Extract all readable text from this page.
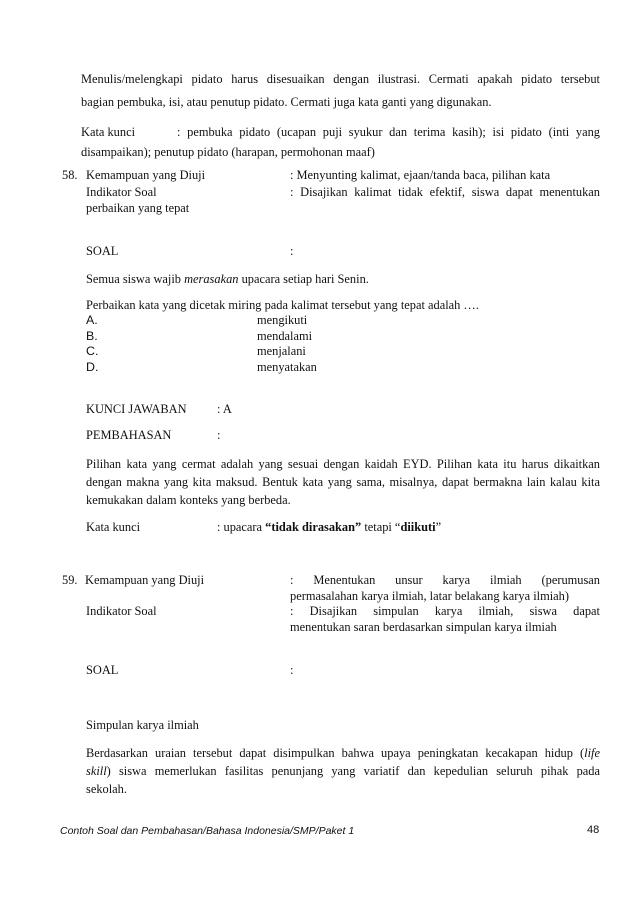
Menulis/melengkapi pidato harus disesuaikan dengan ilustrasi. Cermati apakah pidato tersebut
bagian pembuka, isi, atau penutup pidato. Cermati juga kata ganti yang digunakan.
Kata kunci	: pembuka pidato (ucapan puji syukur dan terima kasih); isi pidato (inti yang
disampaikan); penutup pidato (harapan, permohonan maaf)
58. Kemampuan yang Diuji	: Menyunting kalimat, ejaan/tanda baca, pilihan kata
Indikator Soal	: Disajikan kalimat tidak efektif, siswa dapat menentukan
perbaikan yang tepat
SOAL	:
Semua siswa wajib merasakan upacara setiap hari Senin.
Perbaikan kata yang dicetak miring pada kalimat tersebut yang tepat adalah ….
A.	mengikuti
B.	mendalami
C.	menjalani
D.	menyatakan
KUNCI JAWABAN : A
PEMBAHASAN	:
Pilihan kata yang cermat adalah yang sesuai dengan kaidah EYD. Pilihan kata itu harus dikaitkan
dengan makna yang kita maksud. Bentuk kata yang sama, misalnya, dapat bermakna lain kalau kita
kemukakan dalam konteks yang berbeda.
Kata kunci	: upacara “tidak dirasakan” tetapi “diikuti”
59. Kemampuan yang Diuji	: Menentukan unsur karya ilmiah (perumusan
permasalahan karya ilmiah, latar belakang karya ilmiah)
Indikator Soal	: Disajikan simpulan karya ilmiah, siswa dapat
menentukan saran berdasarkan simpulan karya ilmiah
SOAL	:
Simpulan karya ilmiah
Berdasarkan uraian tersebut dapat disimpulkan bahwa upaya peningkatan kecakapan hidup (life
skill) siswa memerlukan fasilitas penunjang yang variatif dan kepedulian seluruh pihak pada
sekolah.
Contoh Soal dan Pembahasan/Bahasa Indonesia/SMP/Paket 1	48
